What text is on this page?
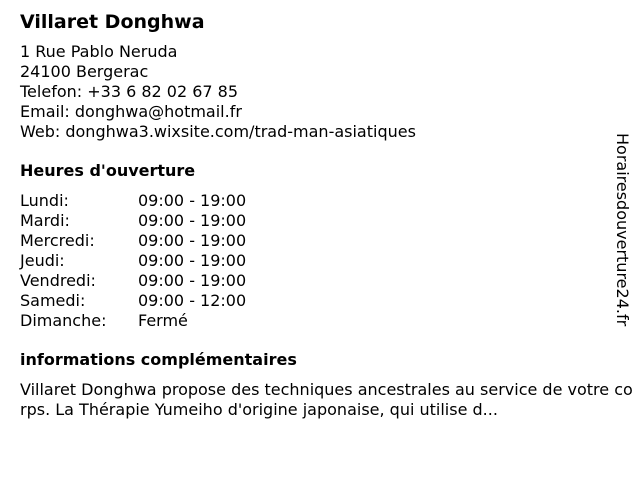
Villaret Donghwa
1 Rue Pablo Neruda
24100 Bergerac
Telefon: +33 6 82 02 67 85
Email: donghwa@hotmail.fr
Web: donghwa3.wixsite.com/trad-man-asiatiques
Heures d'ouverture
Lundi:	09:00 - 19:00
Mardi:	09:00 - 19:00
Mercredi:	09:00 - 19:00
Jeudi:	09:00 - 19:00
Vendredi:	09:00 - 19:00
Samedi:	09:00 - 12:00
Dimanche:	Fermé
informations complémentaires
Villaret Donghwa propose des techniques ancestrales au service de votre corps. La Thérapie Yumeiho d'origine japonaise, qui utilise d...
Horairesdouverture24.fr
